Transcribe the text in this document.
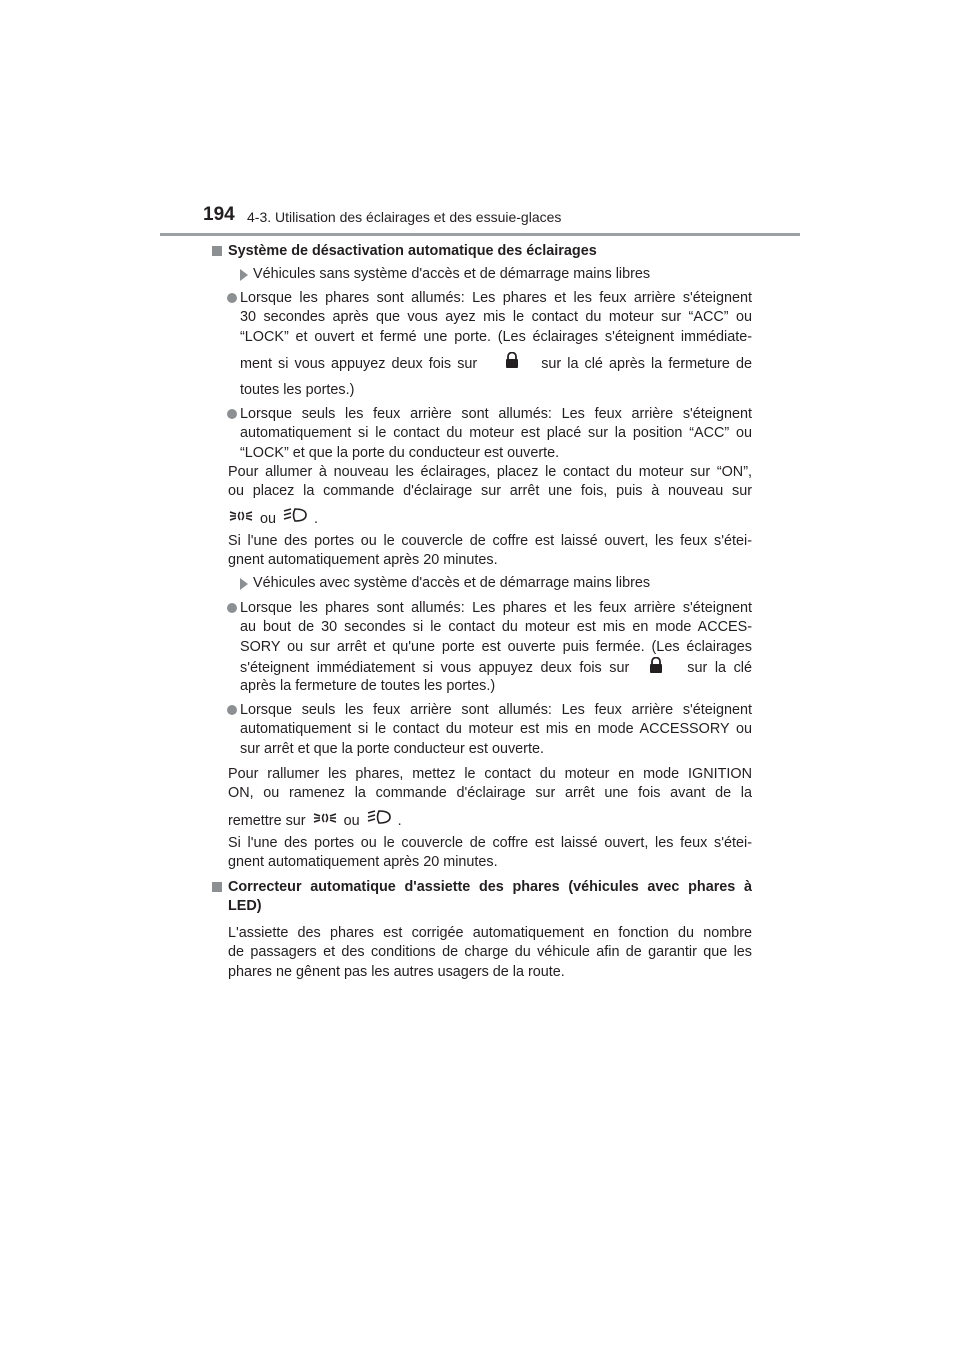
194 4-3. Utilisation des éclairages et des essuie-glaces
Système de désactivation automatique des éclairages
Véhicules sans système d'accès et de démarrage mains libres
Lorsque les phares sont allumés: Les phares et les feux arrière s'éteignent
30 secondes après que vous ayez mis le contact du moteur sur “ACC” ou
“LOCK” et ouvert et fermé une porte. (Les éclairages s'éteignent immédiate-
ment si vous appuyez deux fois sur	sur la clé après la fermeture de
toutes les portes.)
Lorsque seuls les feux arrière sont allumés: Les feux arrière s'éteignent
automatiquement si le contact du moteur est placé sur la position “ACC” ou
“LOCK” et que la porte du conducteur est ouverte.
Pour allumer à nouveau les éclairages, placez le contact du moteur sur “ON”,
ou placez la commande d'éclairage sur arrêt une fois, puis à nouveau sur
ou	.
Si l'une des portes ou le couvercle de coffre est laissé ouvert, les feux s'étei-
gnent automatiquement après 20 minutes.
Véhicules avec système d'accès et de démarrage mains libres
Lorsque les phares sont allumés: Les phares et les feux arrière s'éteignent
au bout de 30 secondes si le contact du moteur est mis en mode ACCES-
SORY ou sur arrêt et qu'une porte est ouverte puis fermée. (Les éclairages
s'éteignent immédiatement si vous appuyez deux fois sur	sur la clé
après la fermeture de toutes les portes.)
Lorsque seuls les feux arrière sont allumés: Les feux arrière s'éteignent
automatiquement si le contact du moteur est mis en mode ACCESSORY ou
sur arrêt et que la porte conducteur est ouverte.
Pour rallumer les phares, mettez le contact du moteur en mode IGNITION
ON, ou ramenez la commande d'éclairage sur arrêt une fois avant de la
remettre sur	ou	.
Si l'une des portes ou le couvercle de coffre est laissé ouvert, les feux s'étei-
gnent automatiquement après 20 minutes.
Correcteur automatique d'assiette des phares (véhicules avec phares à
LED)
L'assiette des phares est corrigée automatiquement en fonction du nombre
de passagers et des conditions de charge du véhicule afin de garantir que les
phares ne gênent pas les autres usagers de la route.
